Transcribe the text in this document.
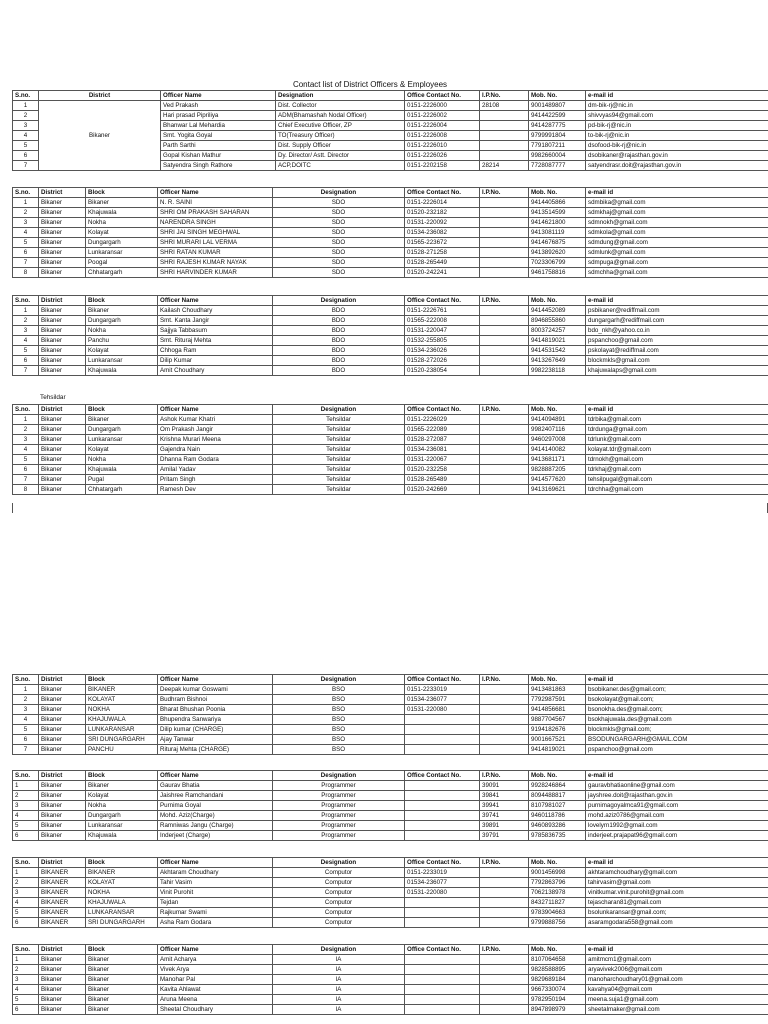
Contact list of District Officers & Employees
S.no.	District	Officer Name	Designation	Office Contact No.	I.P.No.	Mob. No.	e-mail id
1	Bikaner	Ved Prakash	Dist. Collector	0151-2226000	28108	9001489807	dm-bik-rj@nic.in
2		Hari prasad Pipriliya	ADM(Bhamashah Nodal Officer)	0151-2226002		9414422599	shivvyas94@gmail.com
3		Bhanwar Lal Mehardia	Chief Executive Officer, ZP	0151-2226004		9414287775	pd-bik-rj@nic.in
4		Smt. Yogita Goyal	TO(Treasury Officer)	0151-2226008		9799991804	to-bik-rj@nic.in
5		Parth Sarthi	Dist. Supply Officer	0151-2226010		7791807211	dsofood-bik-rj@nic.in
6		Gopal Kishan Mathur	Dy. Director/ Astt. Director	0151-2226026		9982660004	dsobikaner@rajasthan.gov.in
7		Satyendra Singh Rathore	ACP,DOITC	0151-2202158	28214	7728087777	satyendrasr.doit@rajasthan.gov.in
S.no.	District	Block	Officer Name	Designation	Office Contact No.	I.P.No.	Mob. No.	e-mail id
1	Bikaner	Bikaner	N. R. SAINI	SDO	0151-2226014		9414405866	sdmbika@gmail.com
2	Bikaner	Khajuwala	SHRI OM PRAKASH SAHARAN	SDO	01520-232182		9413514599	sdmkhaj@gmail.com
3	Bikaner	Nokha	NARENDRA SINGH	SDO	01531-220092		9414621800	sdmnokh@gmail.com
4	Bikaner	Kolayat	SHRI JAI SINGH MEGHWAL	SDO	01534-236082		9413081119	sdmkola@gmail.com
5	Bikaner	Dungargarh	SHRI MURARI LAL VERMA	SDO	01565-223672		9414676875	sdmdung@gmail.com
6	Bikaner	Lunkaransar	SHRI RATAN KUMAR	SDO	01528-271258		9413892620	sdmlunk@gmail.com
7	Bikaner	Poogal	SHRI RAJESH KUMAR NAYAK	SDO	01528-265449		7023306799	sdmpuga@gmail.com
8	Bikaner	Chhatargarh	SHRI HARVINDER KUMAR	SDO	01520-242241		9461758816	sdmchha@gmail.com
S.no.	District	Block	Officer Name	Designation	Office Contact No.	I.P.No.	Mob. No.	e-mail id
1	Bikaner	Bikaner	Kailash Choudhary	BDO	0151-2226761		9414452089	psbikaner@rediffmail.com
2	Bikaner	Dungargarh	Smt. Kanta Jangir	BDO	01565-222008		8946855860	dungargarh@rediffmail.com
3	Bikaner	Nokha	Sajjya Tabbasum	BDO	01531-220047		8003724257	bdo_nkh@yahoo.co.in
4	Bikaner	Panchu	Smt. Rituraj Mehta	BDO	01532-255805		9414819021	pspanchoo@gmail.com
5	Bikaner	Kolayat	Chhoga Ram	BDO	01534-236026		9414531542	pskolayat@rediffmail.com
6	Bikaner	Lunkaransar	Dilip Kumar	BDO	01528-272026		9413267649	blockmkls@gmail.com
7	Bikaner	Khajuwala	Amit Choudhary	BDO	01520-238054		9982238118	khajuwalaps@gmail.com
Tehsildar
S.no.	District	Block	Officer Name	Designation	Office Contact No.	I.P.No.	Mob. No.	e-mail id
1	Bikaner	Bikaner	Ashok Kumar Khatri	Tehsildar	0151-2226029		9414094891	tdrbika@gmail.com
2	Bikaner	Dungargarh	Om Prakash Jangir	Tehsildar	01565-222089		9982407116	tdrdunga@gmail.com
3	Bikaner	Lunkaransar	Krishna Murari Meena	Tehsildar	01528-272087		9460297008	tdrlunk@gmail.com
4	Bikaner	Kolayat	Gajendra Nain	Tehsildar	01534-236081		9414140082	kolayat.tdr@gmail.com
5	Bikaner	Nokha	Dhanna Ram Godara	Tehsildar	01531-220067		9413681171	tdrnokh@gmail.com
6	Bikaner	Khajuwala	Amilal Yadav	Tehsildar	01520-232258		9828887205	tdrkhaj@gmail.com
7	Bikaner	Pugal	Pritam Singh	Tehsildar	01528-265489		9414577620	tehsilpugal@gmail.com
8	Bikaner	Chhatargarh	Ramesh Dev	Tehsildar	01520-242669		9413169621	tdrchha@gmail.com
S.no.	District	Block	Officer Name	Designation	Office Contact No.	I.P.No.	Mob. No.	e-mail id
1	Bikaner	BIKANER	Deepak kumar Goswami	BSO	0151-2233019		9413481863	bsobikaner.des@gmail.com;
2	Bikaner	KOLAYAT	Budhram Bishnoi	BSO	01534-236077		7792987591	bsokolayat@gmail.com;
3	Bikaner	NOKHA	Bharat Bhushan Poonia	BSO	01531-220080		9414856681	bsonokha.des@gmail.com;
4	Bikaner	KHAJUWALA	Bhupendra Sanwariya	BSO			9887704567	bsokhajuwala.des@gmail.com
5	Bikaner	LUNKARANSAR	Dilip kumar (CHARGE)	BSO			9194182676	blockmkls@gmail.com;
6	Bikaner	SRI DUNGARGARH	Ajay Tanwar	BSO			9001667521	BSODUNGARGARH@GMAIL.COM
7	Bikaner	PANCHU	Rituraj Mehta (CHARGE)	BSO			9414819021	pspanchoo@gmail.com
S.no.	District	Block	Officer Name	Designation	Office Contact No.	I.P.No.	Mob. No.	e-mail id
1	Bikaner	Bikaner	Gaurav Bhatia	Programmer		39091	9928246864	gauravbhatiaonline@gmail.com
2	Bikaner	Kolayat	Jaishree Ramchandani	Programmer		39841	8094488817	jayshree.doit@rajasthan.gov.in
3	Bikaner	Nokha	Purnima Goyal	Programmer		39941	8107981027	purnimagoyalmca91@gmail.com
4	Bikaner	Dungargarh	Mohd. Aziz(Charge)	Programmer		39741	9460118786	mohd.aziz0786@gmail.com
5	Bikaner	Lunkaransar	Ramniwas Jangu (Charge)	Programmer		39891	9460893286	lovelyrn1992@gmail.com
6	Bikaner	Khajuwala	Inderjeet (Charge)	Programmer		39791	9785836735	inderjeet.prajapat96@gmail.com
S.no.	District	Block	Officer Name	Designation	Office Contact No.	I.P.No.	Mob. No.	e-mail id
1	BIKANER	BIKANER	Akhtaram Choudhary	Computor	0151-2233019		9001456998	akhtaramchoudhary@gmail.com
2	BIKANER	KOLAYAT	Tahir Vasim	Computor	01534-236077		7792863796	tahirvasim@gmail.com
3	BIKANER	NOKHA	Vinit Purohit	Computor	01531-220080		7062138978	vinitkumar.vinit.purohit@gmail.com
4	BIKANER	KHAJUWALA	Tejdan	Computor			8432711827	tejascharan81@gmail.com
5	BIKANER	LUNKARANSAR	Rajkumar Swami	Computor			9783904663	bsolunkaransar@gmail.com;
6	BIKANER	SRI DUNGARGARH	Asha Ram Godara	Computor			9799888756	asaramgodara558@gmail.com
S.no.	District	Block	Officer Name	Designation	Office Contact No.	I.P.No.	Mob. No.	e-mail id
1	Bikaner	Bikaner	Amit Acharya	IA			8107064658	amitmcm1@gmail.com
2	Bikaner	Bikaner	Vivek Arya	IA			9828588895	aryavivek2006@gmail.com
3	Bikaner	Bikaner	Manohar Pal	IA			9829689184	manoharchoudhary01@gmail.com
4	Bikaner	Bikaner	Kavita Ahlawat	IA			9667330074	kavahya04@gmail.com
5	Bikaner	Bikaner	Aruna Meena	IA			9782950194	meena.suja1@gmail.com
6	Bikaner	Bikaner	Sheetal Choudhary	IA			8947898979	sheetalmaker@gmail.com
